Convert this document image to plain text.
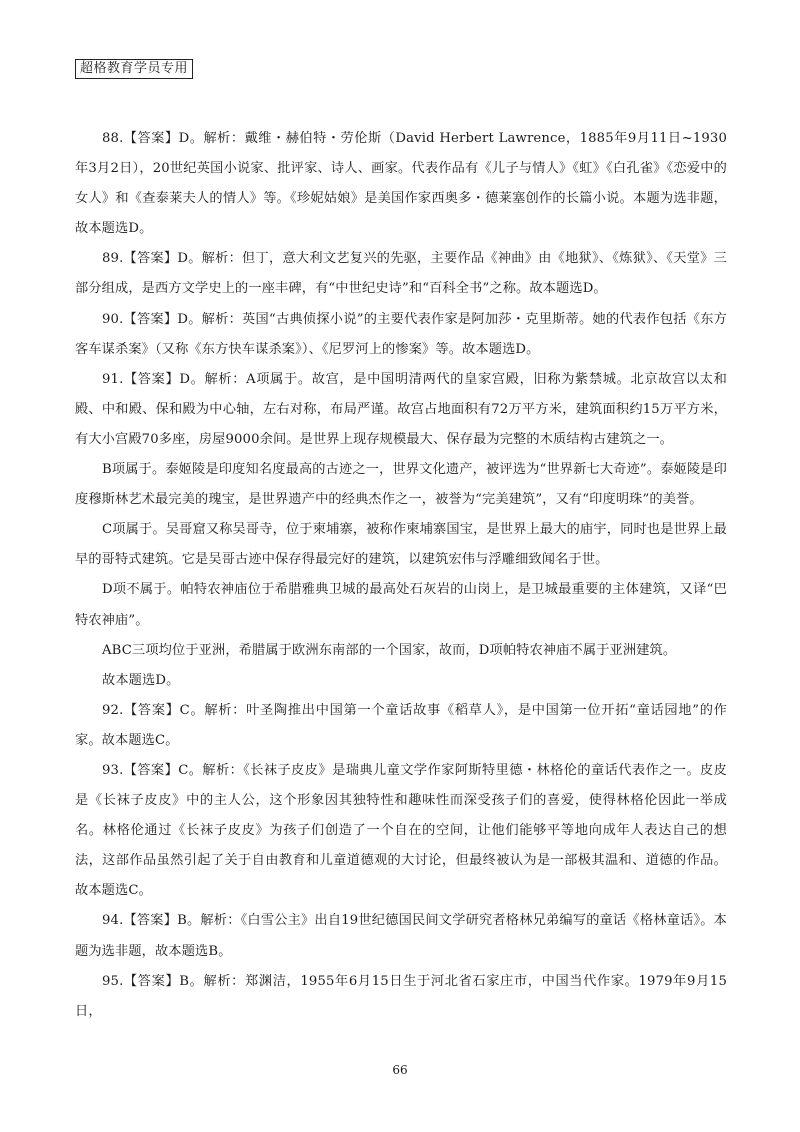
超格教育学员专用

88.【答案】D。解析：戴维・赫伯特・劳伦斯（David Herbert Lawrence，1885年9月11日~1930年3月2日），20世纪英国小说家、批评家、诗人、画家。代表作品有《儿子与情人》《虹》《白孔雀》《恋爱中的女人》和《查泰莱夫人的情人》等。《珍妮姑娘》是美国作家西奥多・德莱塞创作的长篇小说。本题为选非题，故本题选D。

89.【答案】D。解析：但丁，意大利文艺复兴的先驱，主要作品《神曲》由《地狱》、《炼狱》、《天堂》三部分组成，是西方文学史上的一座丰碑，有“中世纪史诗”和“百科全书”之称。故本题选D。

90.【答案】D。解析：英国“古典侦探小说”的主要代表作家是阿加莎・克里斯蒂。她的代表作包括《东方客车谋杀案》（又称《东方快车谋杀案》）、《尼罗河上的惨案》等。故本题选D。

91.【答案】D。解析：A项属于。故宫，是中国明清两代的皇家宫殿，旧称为紫禁城。北京故宫以太和殿、中和殿、保和殿为中心轴，左右对称，布局严谨。故宫占地面积有72万平方米，建筑面积约15万平方米，有大小宫殿70多座，房屋9000余间。是世界上现存规模最大、保存最为完整的木质结构古建筑之一。

B项属于。泰姬陵是印度知名度最高的古迹之一，世界文化遗产，被评选为“世界新七大奇迹”。泰姬陵是印度穆斯林艺术最完美的瑰宝，是世界遗产中的经典杰作之一，被誉为“完美建筑”，又有“印度明珠”的美誉。

C项属于。吴哥窟又称吴哥寺，位于柬埔寨，被称作柬埔寨国宝，是世界上最大的庙宇，同时也是世界上最早的哥特式建筑。它是吴哥古迹中保存得最完好的建筑，以建筑宏伟与浮雕细致闻名于世。

D项不属于。帕特农神庙位于希腊雅典卫城的最高处石灰岩的山岗上，是卫城最重要的主体建筑，又译“巴特农神庙”。

ABC三项均位于亚洲，希腊属于欧洲东南部的一个国家，故而，D项帕特农神庙不属于亚洲建筑。

故本题选D。

92.【答案】C。解析：叶圣陶推出中国第一个童话故事《稻草人》，是中国第一位开拓“童话园地”的作家。故本题选C。

93.【答案】C。解析：《长袜子皮皮》是瑞典儿童文学作家阿斯特里德・林格伦的童话代表作之一。皮皮是《长袜子皮皮》中的主人公，这个形象因其独特性和趣味性而深受孩子们的喜爱，使得林格伦因此一举成名。林格伦通过《长袜子皮皮》为孩子们创造了一个自在的空间，让他们能够平等地向成年人表达自己的想法，这部作品虽然引起了关于自由教育和儿童道德观的大讨论，但最终被认为是一部极其温和、道德的作品。故本题选C。

94.【答案】B。解析：《白雪公主》出自19世纪德国民间文学研究者格林兄弟编写的童话《格林童话》。本题为选非题，故本题选B。

95.【答案】B。解析：郑渊洁，1955年6月15日生于河北省石家庄市，中国当代作家。1979年9月15日，

66
